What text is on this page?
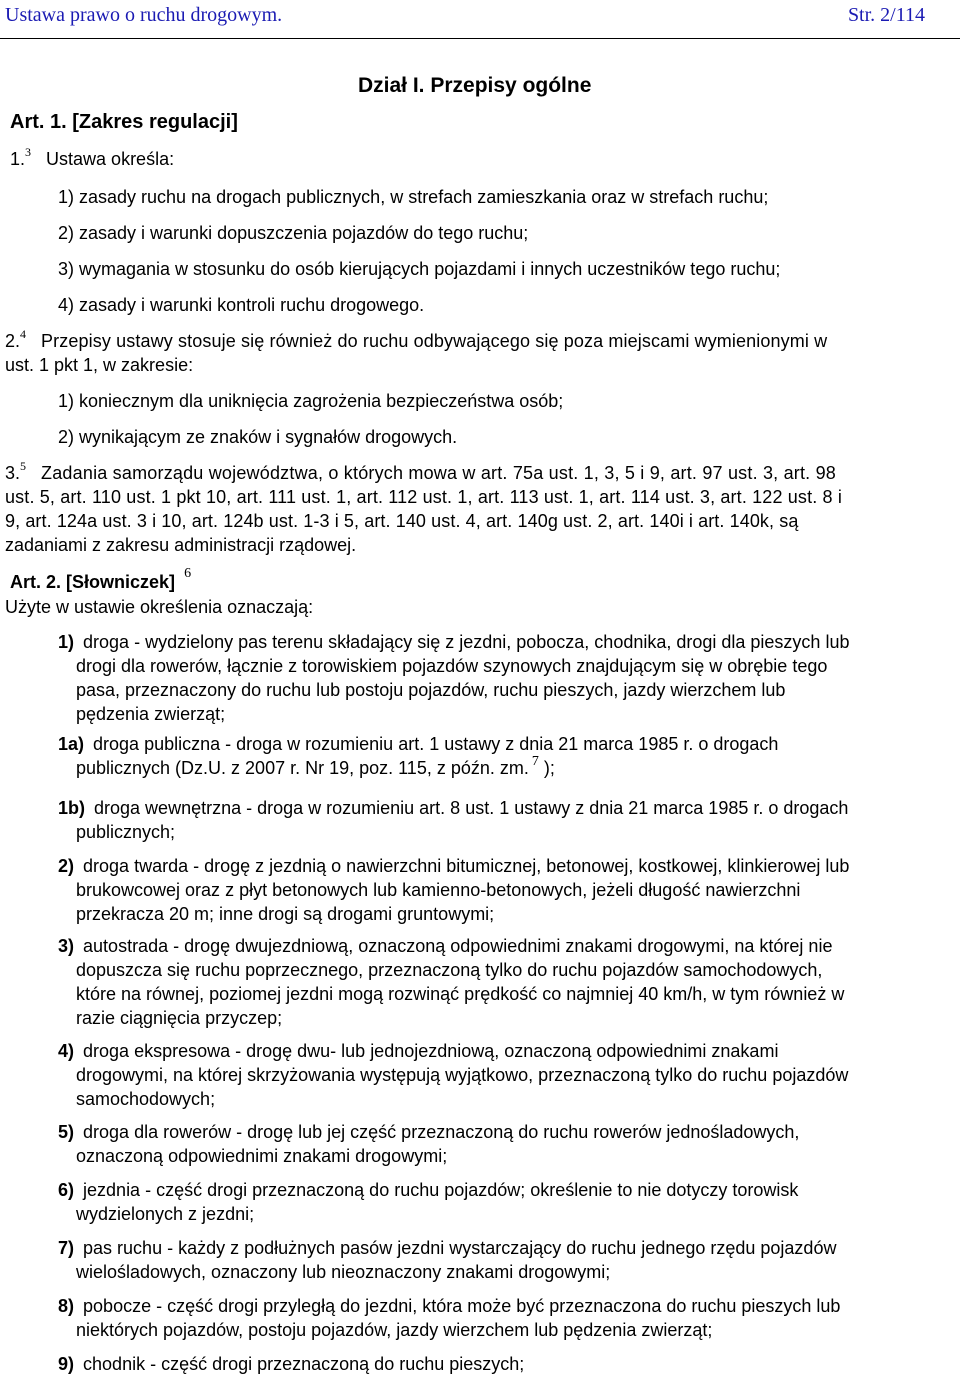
Ustawa prawo o ruchu drogowym.	Str. 2/114
Dział I. Przepisy ogólne
Art. 1. [Zakres regulacji]
1.$^3$ Ustawa określa:
1) zasady ruchu na drogach publicznych, w strefach zamieszkania oraz w strefach ruchu;
2) zasady i warunki dopuszczenia pojazdów do tego ruchu;
3) wymagania w stosunku do osób kierujących pojazdami i innych uczestników tego ruchu;
4) zasady i warunki kontroli ruchu drogowego.
2.$^4$ Przepisy ustawy stosuje się również do ruchu odbywającego się poza miejscami wymienionymi w
ust. 1 pkt 1, w zakresie:
1) koniecznym dla uniknięcia zagrożenia bezpieczeństwa osób;
2) wynikającym ze znaków i sygnałów drogowych.
3.$^5$ Zadania samorządu województwa, o których mowa w art. 75a ust. 1, 3, 5 i 9, art. 97 ust. 3, art. 98
ust. 5, art. 110 ust. 1 pkt 10, art. 111 ust. 1, art. 112 ust. 1, art. 113 ust. 1, art. 114 ust. 3, art. 122 ust. 8 i
9, art. 124a ust. 3 i 10, art. 124b ust. 1-3 i 5, art. 140 ust. 4, art. 140g ust. 2, art. 140i i art. 140k, są
zadaniami z zakresu administracji rządowej.
Art. 2. [Słowniczek] $^6$
Użyte w ustawie określenia oznaczają:
1) droga - wydzielony pas terenu składający się z jezdni, pobocza, chodnika, drogi dla pieszych lub
drogi dla rowerów, łącznie z torowiskiem pojazdów szynowych znajdującym się w obrębie tego
pasa, przeznaczony do ruchu lub postoju pojazdów, ruchu pieszych, jazdy wierzchem lub
pędzenia zwierząt;
1a) droga publiczna - droga w rozumieniu art. 1 ustawy z dnia 21 marca 1985 r. o drogach
publicznych (Dz.U. z 2007 r. Nr 19, poz. 115, z późn. zm. $^7$ );
1b) droga wewnętrzna - droga w rozumieniu art. 8 ust. 1 ustawy z dnia 21 marca 1985 r. o drogach
publicznych;
2) droga twarda - drogę z jezdnią o nawierzchni bitumicznej, betonowej, kostkowej, klinkierowej lub
brukowcowej oraz z płyt betonowych lub kamienno-betonowych, jeżeli długość nawierzchni
przekracza 20 m; inne drogi są drogami gruntowymi;
3) autostrada - drogę dwujezdniową, oznaczoną odpowiednimi znakami drogowymi, na której nie
dopuszcza się ruchu poprzecznego, przeznaczoną tylko do ruchu pojazdów samochodowych,
które na równej, poziomej jezdni mogą rozwinąć prędkość co najmniej 40 km/h, w tym również w
razie ciągnięcia przyczep;
4) droga ekspresowa - drogę dwu- lub jednojezdniową, oznaczoną odpowiednimi znakami
drogowymi, na której skrzyżowania występują wyjątkowo, przeznaczoną tylko do ruchu pojazdów
samochodowych;
5) droga dla rowerów - drogę lub jej część przeznaczoną do ruchu rowerów jednośladowych,
oznaczoną odpowiednimi znakami drogowymi;
6) jezdnia - część drogi przeznaczoną do ruchu pojazdów; określenie to nie dotyczy torowisk
wydzielonych z jezdni;
7) pas ruchu - każdy z podłużnych pasów jezdni wystarczający do ruchu jednego rzędu pojazdów
wielośladowych, oznaczony lub nieoznaczony znakami drogowymi;
8) pobocze - część drogi przyległą do jezdni, która może być przeznaczona do ruchu pieszych lub
niektórych pojazdów, postoju pojazdów, jazdy wierzchem lub pędzenia zwierząt;
9) chodnik - część drogi przeznaczoną do ruchu pieszych;
